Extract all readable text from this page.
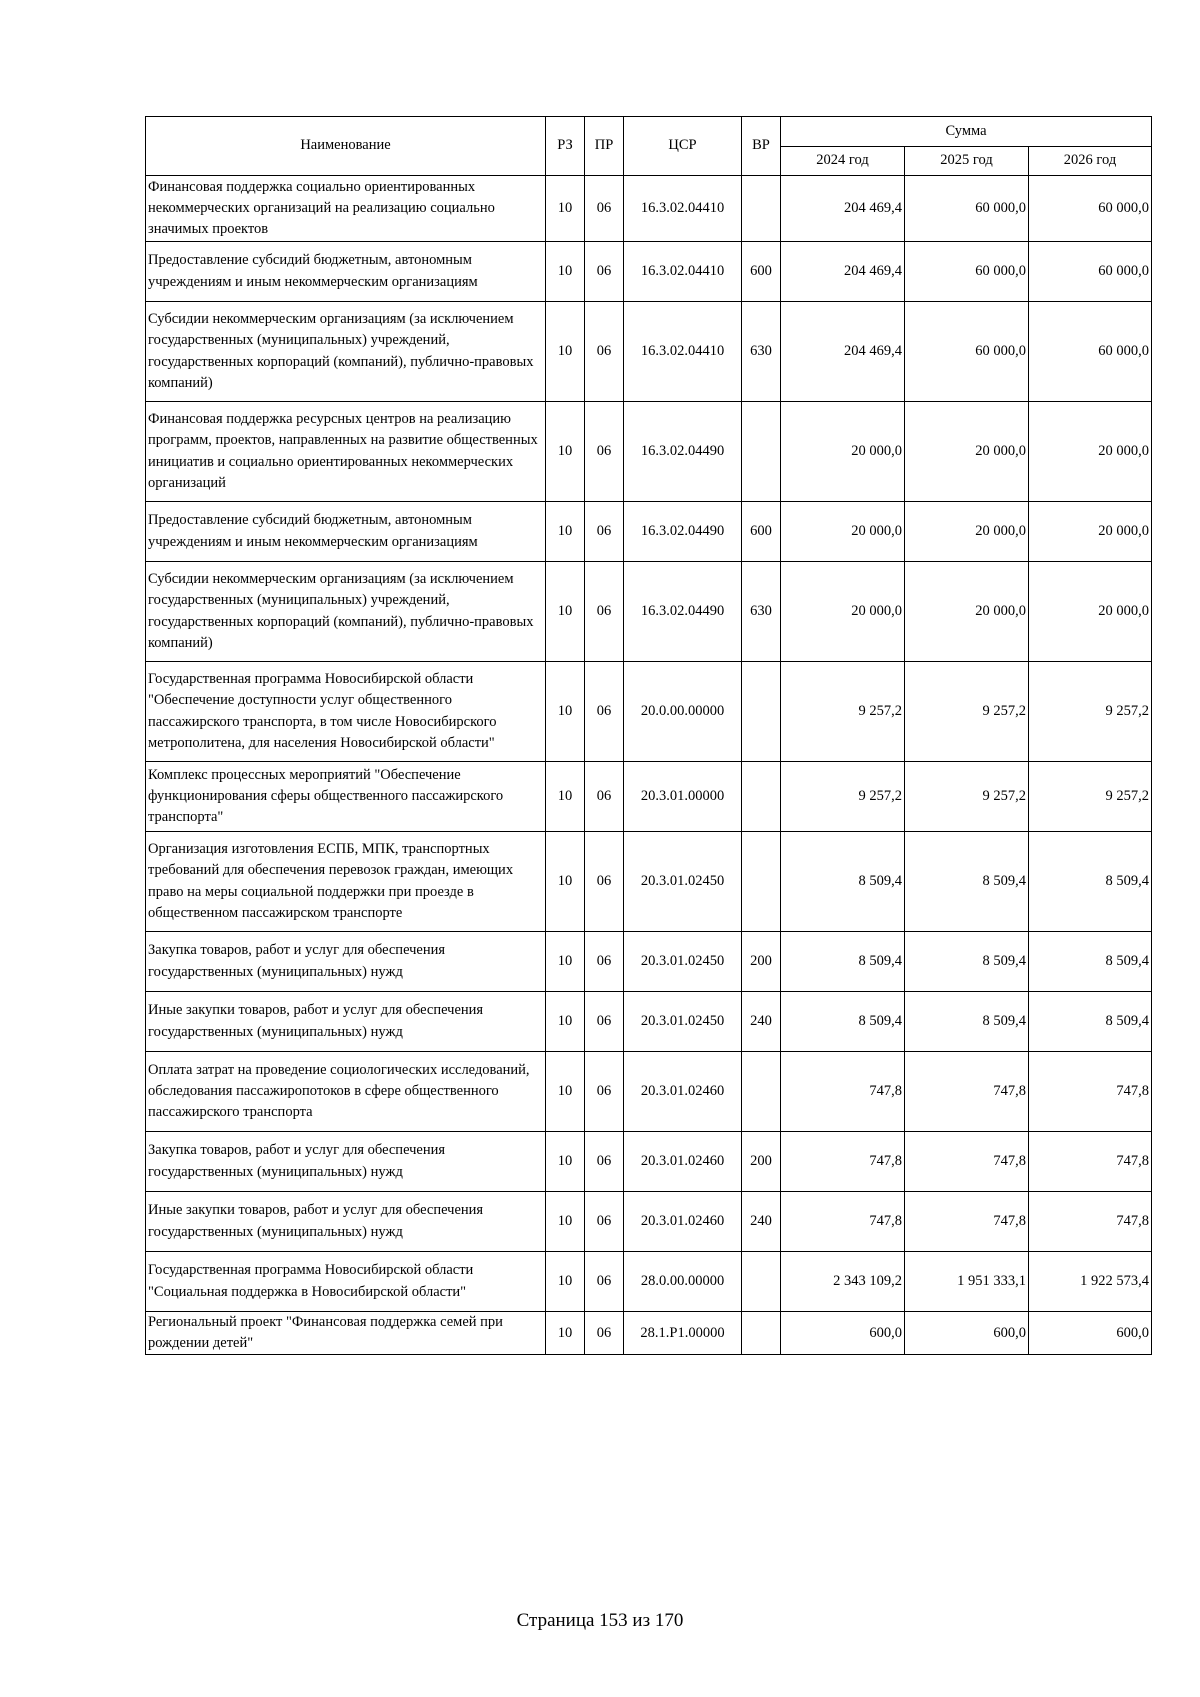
Наименование	РЗ	ПР	ЦСР	ВР	Сумма		
					2024 год	2025 год	2026 год
Финансовая поддержка социально ориентированных некоммерческих организаций на реализацию социально значимых проектов	10	06	16.3.02.04410		204 469,4	60 000,0	60 000,0
Предоставление субсидий бюджетным, автономным учреждениям и иным некоммерческим организациям	10	06	16.3.02.04410	600	204 469,4	60 000,0	60 000,0
Субсидии некоммерческим организациям (за исключением государственных (муниципальных) учреждений, государственных корпораций (компаний), публично-правовых компаний)	10	06	16.3.02.04410	630	204 469,4	60 000,0	60 000,0
Финансовая поддержка ресурсных центров на реализацию программ, проектов, направленных на развитие общественных инициатив и социально ориентированных некоммерческих организаций	10	06	16.3.02.04490		20 000,0	20 000,0	20 000,0
Предоставление субсидий бюджетным, автономным учреждениям и иным некоммерческим организациям	10	06	16.3.02.04490	600	20 000,0	20 000,0	20 000,0
Субсидии некоммерческим организациям (за исключением государственных (муниципальных) учреждений, государственных корпораций (компаний), публично-правовых компаний)	10	06	16.3.02.04490	630	20 000,0	20 000,0	20 000,0
Государственная программа Новосибирской области "Обеспечение доступности услуг общественного пассажирского транспорта, в том числе Новосибирского метрополитена, для населения Новосибирской области"	10	06	20.0.00.00000		9 257,2	9 257,2	9 257,2
Комплекс процессных мероприятий "Обеспечение функционирования сферы общественного пассажирского транспорта"	10	06	20.3.01.00000		9 257,2	9 257,2	9 257,2
Организация изготовления ЕСПБ, МПК, транспортных требований для обеспечения перевозок граждан, имеющих право на меры социальной поддержки при проезде в общественном пассажирском транспорте	10	06	20.3.01.02450		8 509,4	8 509,4	8 509,4
Закупка товаров, работ и услуг для обеспечения государственных (муниципальных) нужд	10	06	20.3.01.02450	200	8 509,4	8 509,4	8 509,4
Иные закупки товаров, работ и услуг для обеспечения государственных (муниципальных) нужд	10	06	20.3.01.02450	240	8 509,4	8 509,4	8 509,4
Оплата затрат на проведение социологических исследований, обследования пассажиропотоков в сфере общественного пассажирского транспорта	10	06	20.3.01.02460		747,8	747,8	747,8
Закупка товаров, работ и услуг для обеспечения государственных (муниципальных) нужд	10	06	20.3.01.02460	200	747,8	747,8	747,8
Иные закупки товаров, работ и услуг для обеспечения государственных (муниципальных) нужд	10	06	20.3.01.02460	240	747,8	747,8	747,8
Государственная программа Новосибирской области "Социальная поддержка в Новосибирской области"	10	06	28.0.00.00000		2 343 109,2	1 951 333,1	1 922 573,4
Региональный проект "Финансовая поддержка семей при рождении детей"	10	06	28.1.P1.00000		600,0	600,0	600,0
Страница 153 из 170
